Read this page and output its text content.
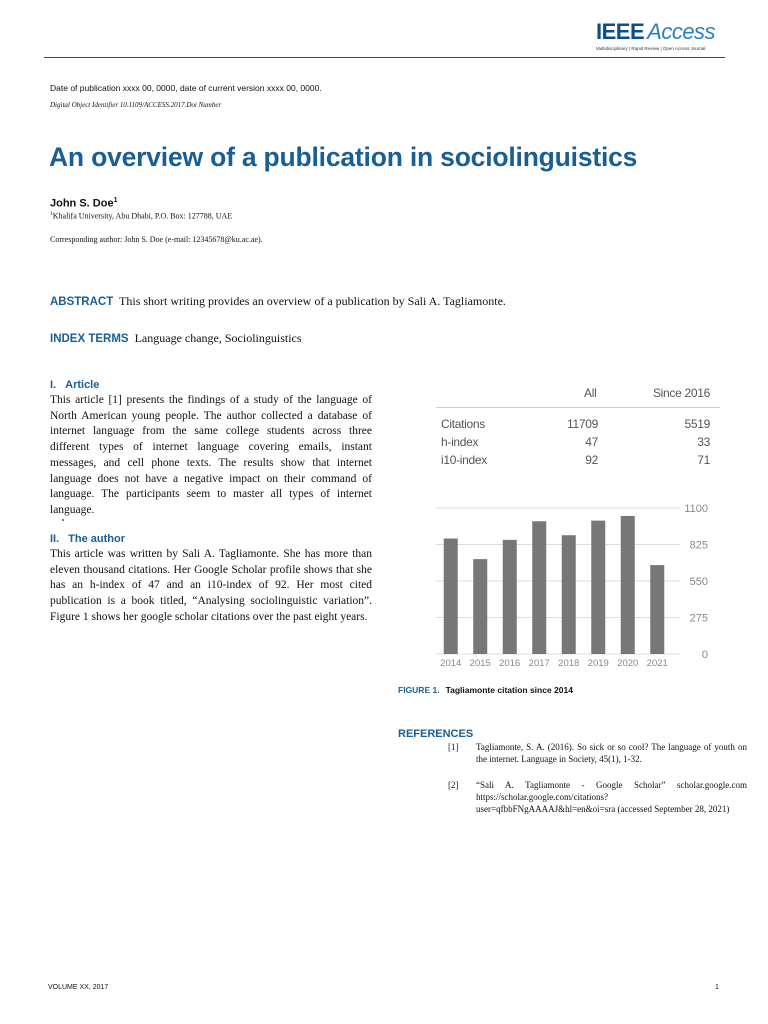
IEEE Access
Multidisciplinary | Rapid Review | Open Access Journal
Date of publication xxxx 00, 0000, date of current version xxxx 00, 0000.
Digital Object Identifier 10.1109/ACCESS.2017.Doi Number
An overview of a publication in sociolinguistics
John S. Doe$^1$
$^1$Khalifa University, Abu Dhabi, P.O. Box: 127788, UAE
Corresponding author: John S. Doe (e-mail: 12345678@ku.ac.ae).
ABSTRACT This short writing provides an overview of a publication by Sali A. Tagliamonte.
INDEX TERMS Language change, Sociolinguistics
I. Article
This article [1] presents the findings of a study of the language of North American young people. The author collected a database of internet language from the same college students across three different types of internet language covering emails, instant messages, and cell phone texts. The results show that internet language does not have a negative impact on their command of language. The participants seem to master all types of internet language.
II. The author
This article was written by Sali A. Tagliamonte. She has more than eleven thousand citations. Her Google Scholar profile shows that she has an h-index of 47 and an i10-index of 92. Her most cited publication is a book titled, “Analysing sociolinguistic variation”. Figure 1 shows her google scholar citations over the past eight years.
All	Since 2016
Citations	11709	5519
h-index	47	33
i10-index	92	71
0
275
550
825
1100
2014 2015 2016 2017 2018 2019 2020 2021
FIGURE 1. Tagliamonte citation since 2014
REFERENCES
[1] Tagliamonte, S. A. (2016). So sick or so cool? The language of youth on the internet. Language in Society, 45(1), 1-32.
[2] “Sali A. Tagliamonte - Google Scholar” scholar.google.com https://scholar.google.com/citations?user=qfbbFNgAAAAJ&hl=en&oi=sra (accessed September 28, 2021)
VOLUME XX, 2017	1
